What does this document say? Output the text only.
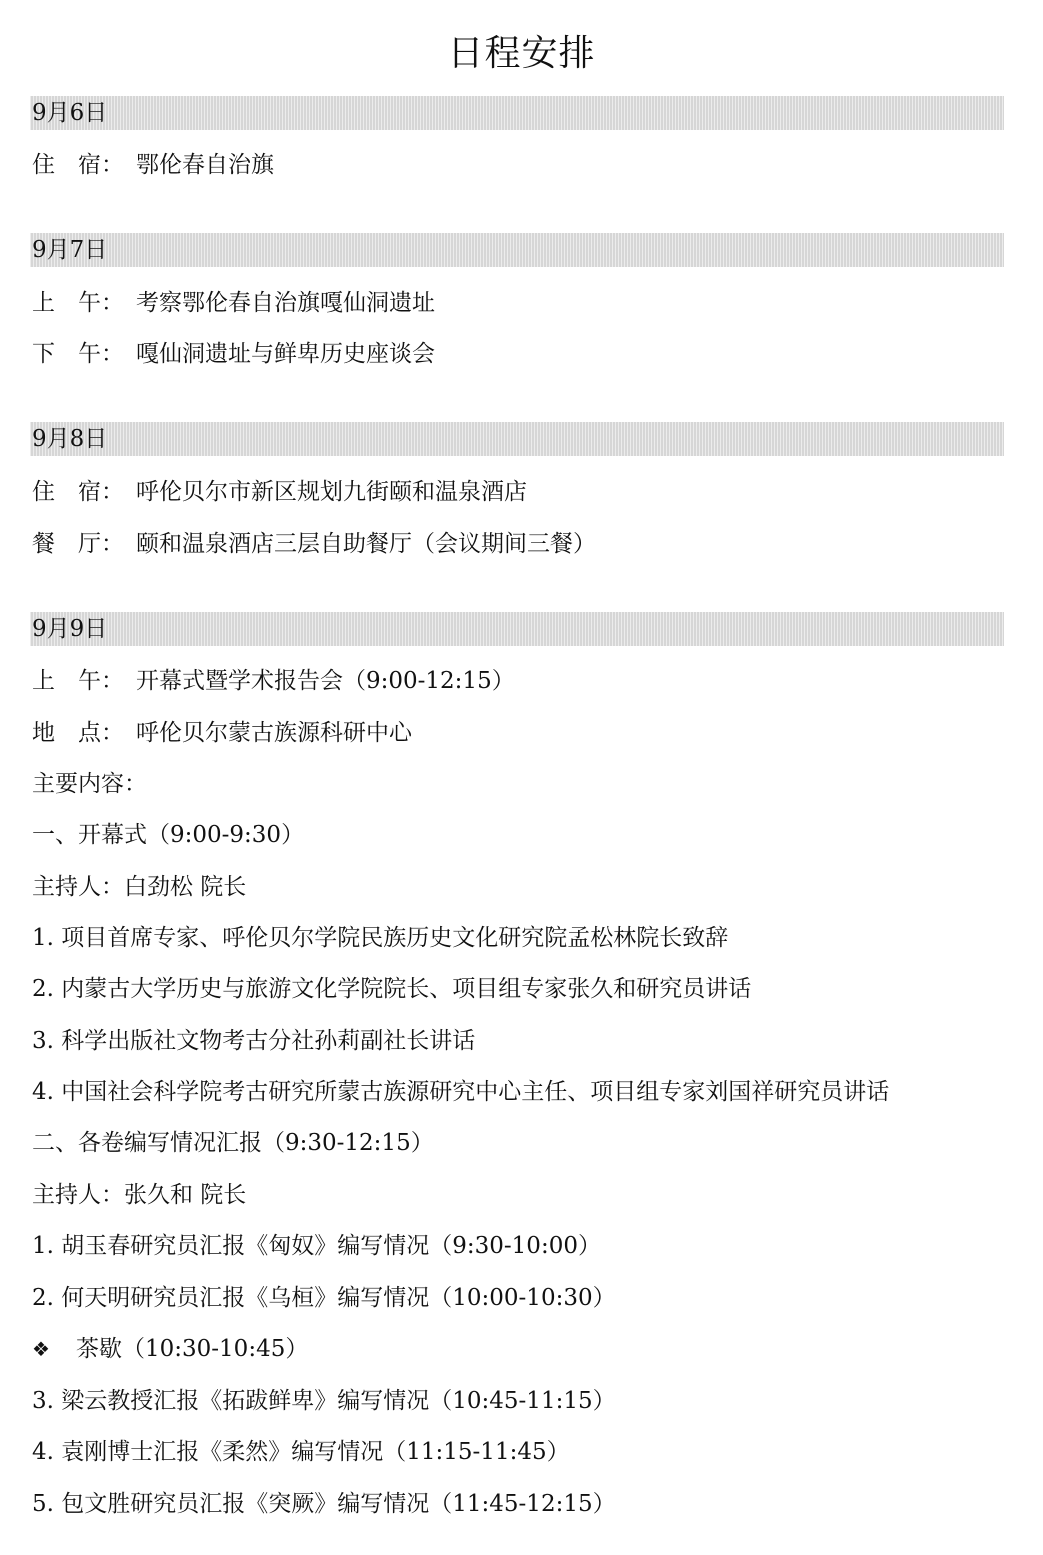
日程安排
9月6日
住　宿： 鄂伦春自治旗
9月7日
上　午： 考察鄂伦春自治旗嘎仙洞遗址
下　午： 嘎仙洞遗址与鲜卑历史座谈会
9月8日
住　宿： 呼伦贝尔市新区规划九街颐和温泉酒店
餐　厅： 颐和温泉酒店三层自助餐厅（会议期间三餐）
9月9日
上　午： 开幕式暨学术报告会（9:00-12:15）
地　点： 呼伦贝尔蒙古族源科研中心
主要内容：
一、开幕式（9:00-9:30）
主持人：白劲松 院长
1. 项目首席专家、呼伦贝尔学院民族历史文化研究院孟松林院长致辞
2. 内蒙古大学历史与旅游文化学院院长、项目组专家张久和研究员讲话
3. 科学出版社文物考古分社孙莉副社长讲话
4. 中国社会科学院考古研究所蒙古族源研究中心主任、项目组专家刘国祥研究员讲话
二、各卷编写情况汇报（9:30-12:15）
主持人：张久和 院长
1. 胡玉春研究员汇报《匈奴》编写情况（9:30-10:00）
2. 何天明研究员汇报《乌桓》编写情况（10:00-10:30）
❖ 茶歇（10:30-10:45）
3. 梁云教授汇报《拓跋鲜卑》编写情况（10:45-11:15）
4. 袁刚博士汇报《柔然》编写情况（11:15-11:45）
5. 包文胜研究员汇报《突厥》编写情况（11:45-12:15）
